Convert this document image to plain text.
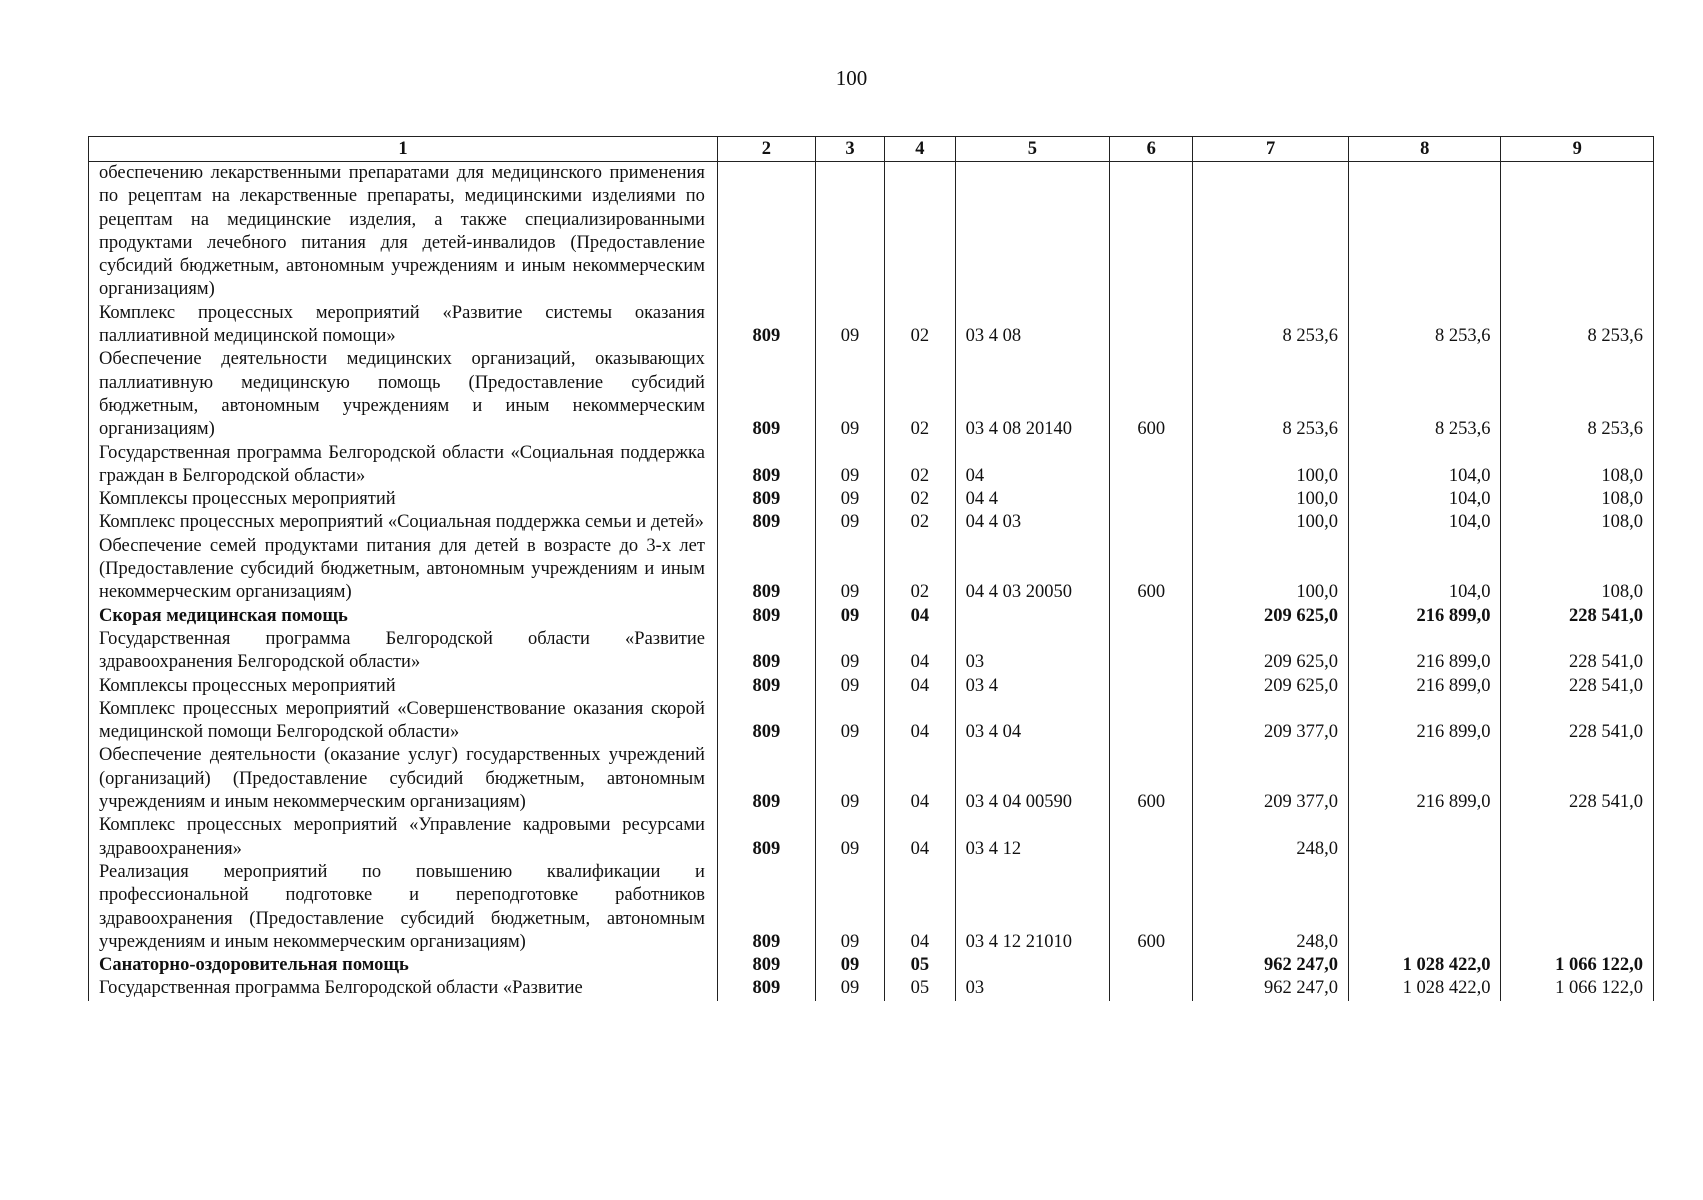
100
1	2	3	4	5	6	7	8	9
обеспечению лекарственными препаратами для медицинского применения по рецептам на лекарственные препараты, медицинскими изделиями по рецептам на медицинские изделия, а также специализированными продуктами лечебного питания для детей-инвалидов (Предоставление субсидий бюджетным, автономным учреждениям и иным некоммерческим организациям)								
Комплекс процессных мероприятий «Развитие системы оказания паллиативной медицинской помощи»	809	09	02	03 4 08		8 253,6	8 253,6	8 253,6
Обеспечение деятельности медицинских организаций, оказывающих паллиативную медицинскую помощь (Предоставление субсидий бюджетным, автономным учреждениям и иным некоммерческим организациям)	809	09	02	03 4 08 20140	600	8 253,6	8 253,6	8 253,6
Государственная программа Белгородской области «Социальная поддержка граждан в Белгородской области»	809	09	02	04		100,0	104,0	108,0
Комплексы процессных мероприятий	809	09	02	04 4		100,0	104,0	108,0
Комплекс процессных мероприятий «Социальная поддержка семьи и детей»	809	09	02	04 4 03		100,0	104,0	108,0
Обеспечение семей продуктами питания для детей в возрасте до 3-х лет (Предоставление субсидий бюджетным, автономным учреждениям и иным некоммерческим организациям)	809	09	02	04 4 03 20050	600	100,0	104,0	108,0
Скорая медицинская помощь	809	09	04			209 625,0	216 899,0	228 541,0
Государственная программа Белгородской области «Развитие здравоохранения Белгородской области»	809	09	04	03		209 625,0	216 899,0	228 541,0
Комплексы процессных мероприятий	809	09	04	03 4		209 625,0	216 899,0	228 541,0
Комплекс процессных мероприятий «Совершенствование оказания скорой медицинской помощи Белгородской области»	809	09	04	03 4 04		209 377,0	216 899,0	228 541,0
Обеспечение деятельности (оказание услуг) государственных учреждений (организаций) (Предоставление субсидий бюджетным, автономным учреждениям и иным некоммерческим организациям)	809	09	04	03 4 04 00590	600	209 377,0	216 899,0	228 541,0
Комплекс процессных мероприятий «Управление кадровыми ресурсами здравоохранения»	809	09	04	03 4 12		248,0		
Реализация мероприятий по повышению квалификации и профессиональной подготовке и переподготовке работников здравоохранения (Предоставление субсидий бюджетным, автономным учреждениям и иным некоммерческим организациям)	809	09	04	03 4 12 21010	600	248,0		
Санаторно-оздоровительная помощь	809	09	05			962 247,0	1 028 422,0	1 066 122,0
Государственная программа Белгородской области «Развитие	809	09	05	03		962 247,0	1 028 422,0	1 066 122,0
